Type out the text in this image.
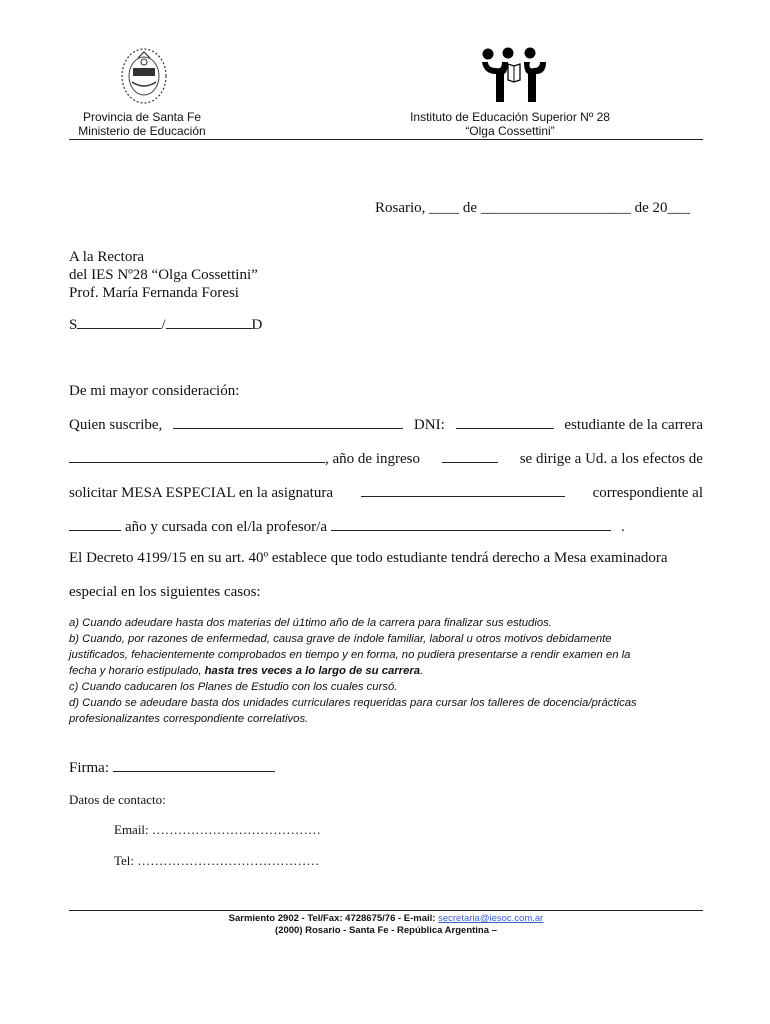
Provincia de Santa Fe
Ministerio de Educación
Instituto de Educación Superior Nº 28
“Olga Cossettini”
Rosario, ____ de ____________________ de 20___
A la Rectora
del IES Nº28 “Olga Cossettini”
Prof. María Fernanda Foresi
S	/	D
De mi mayor consideración:
Quien suscribe,	DNI:	estudiante de la carrera
, año de ingreso	se dirige a Ud. a los efectos de
solicitar MESA ESPECIAL en la asignatura	correspondiente al
año y cursada con el/la profesor/a	.
El Decreto 4199/15 en su art. 40º establece que todo estudiante tendrá derecho a Mesa examinadora
especial en los siguientes casos:
a) Cuando adeudare hasta dos materias del ú1timo año de la carrera para finalizar sus estudios.
b) Cuando, por razones de enfermedad, causa grave de índole familiar, laboral u otros motivos debidamente
justificados, fehacientemente comprobados en tiempo y en forma, no pudiera presentarse a rendir examen en la
fecha y horario estipulado, hasta tres veces a lo largo de su carrera.
c) Cuando caducaren los Planes de Estudio con los cuales cursó.
d) Cuando se adeudare basta dos unidades curriculares requeridas para cursar los talleres de docencia/prácticas
profesionalizantes correspondiente correlativos.
Firma:
Datos de contacto:
Email: …………………………………
Tel: ……………………………………
Sarmiento 2902 - Tel/Fax: 4728675/76 - E-mail: secretaria@iesoc.com.ar
(2000) Rosario - Santa Fe - República Argentina –
